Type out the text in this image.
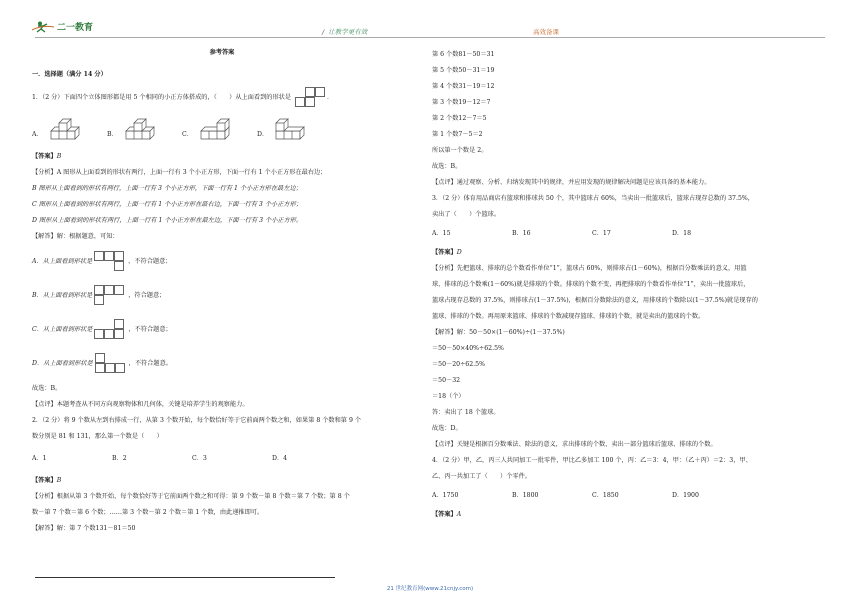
二一教育	/ 让教学更有效	高效备课
参考答案
一．选择题（满分 14 分）
1．（2 分）下面四个立体图形都是用 5 个相同的小正方体搭成的，（　　）从上面看到的形状是	．
A．	B．	C．	D．
【答案】B
【分析】A 图形从上面看到的形状有两行，上面一行有 3 个小正方形，下面一行有 1 个小正方形在最右边；
B 图形从上面看到的形状有两行，上面一行有 3 个小正方形，下面一行有 1 个小正方形在最左边；
C 图形从上面看到的形状有两行，上面一行有 1 个小正方形在最右边，下面一行有 3 个小正方形；
D 图形从上面看到的形状有两行，上面一行有 1 个小正方形在最左边，下面一行有 3 个小正方形。
【解答】解：根据题意，可知：
A．从上面看到形状是	，不符合题意；
B．从上面看到形状是	，符合题意；
C．从上面看到形状是	，不符合题意；
D．从上面看到形状是	，不符合题意。
故选：B。
【点评】本题考查从不同方向观察物体和几何体，关键是培养学生的观察能力。
2．（2 分）将 9 个数从左到右排成一行，从第 3 个数开始，每个数恰好等于它前面两个数之和，如果第 8 个数和第 9 个
数分别是 81 和 131，那么第一个数是（　　）
A．1	B．2	C．3	D．4
【答案】B
【分析】根据从第 3 个数开始，每个数恰好等于它前面两个数之和可得：第 9 个数－第 8 个数＝第 7 个数；第 8 个
数－第 7 个数＝第 6 个数；……第 3 个数－第 2 个数＝第 1 个数，由此递推即可。
【解答】解：第 7 个数131－81＝50
第 6 个数81－50＝31
第 5 个数50－31＝19
第 4 个数31－19＝12
第 3 个数19－12＝7
第 2 个数12－7＝5
第 1 个数7－5＝2
所以第一个数是 2。
故选：B。
【点评】通过观察、分析、归纳发现其中的规律，并应用发现的规律解决问题是应该具备的基本能力。
3．（2 分）体育用品商店有篮球和排球共 50 个，其中篮球占 60%，当卖出一批篮球后，篮球占现存总数的 37.5%，
卖出了（　　）个篮球。
A．15	B．16	C．17	D．18
【答案】D
【分析】先把篮球、排球的总个数看作单位“1”，篮球占 60%，则排球占(1－60%)，根据百分数乘法的意义，用篮
球、排球的总个数乘(1－60%)就是排球的个数。排球的个数不变，再把排球的个数看作单位“1”，卖出一批篮球后，
篮球占现存总数的 37.5%，则排球占(1－37.5%)，根据百分数除法的意义，用排球的个数除以(1－37.5%)就是现存的
篮球、排球的个数。再用原来篮球、排球的个数减现存篮球、排球的个数，就是卖出的篮球的个数。
【解答】解：50－50×(1－60%)÷(1－37.5%)
＝50－50×40%÷62.5%
＝50－20÷62.5%
＝50－32
＝18（个）
答：卖出了 18 个篮球。
故选：D。
【点评】关键是根据百分数乘法、除法的意义，求出排球的个数、卖出一部分篮球后篮球、排球的个数。
4．（2 分）甲，乙，丙三人共同加工一批零件，甲比乙多加工 100 个，丙：乙＝3：4，甲：（乙＋丙）＝2：3，甲、
乙、丙一共加工了（　　）个零件。
A．1750	B．1800	C．1850	D．1900
【答案】A
21 世纪教育网(www.21cnjy.com)
